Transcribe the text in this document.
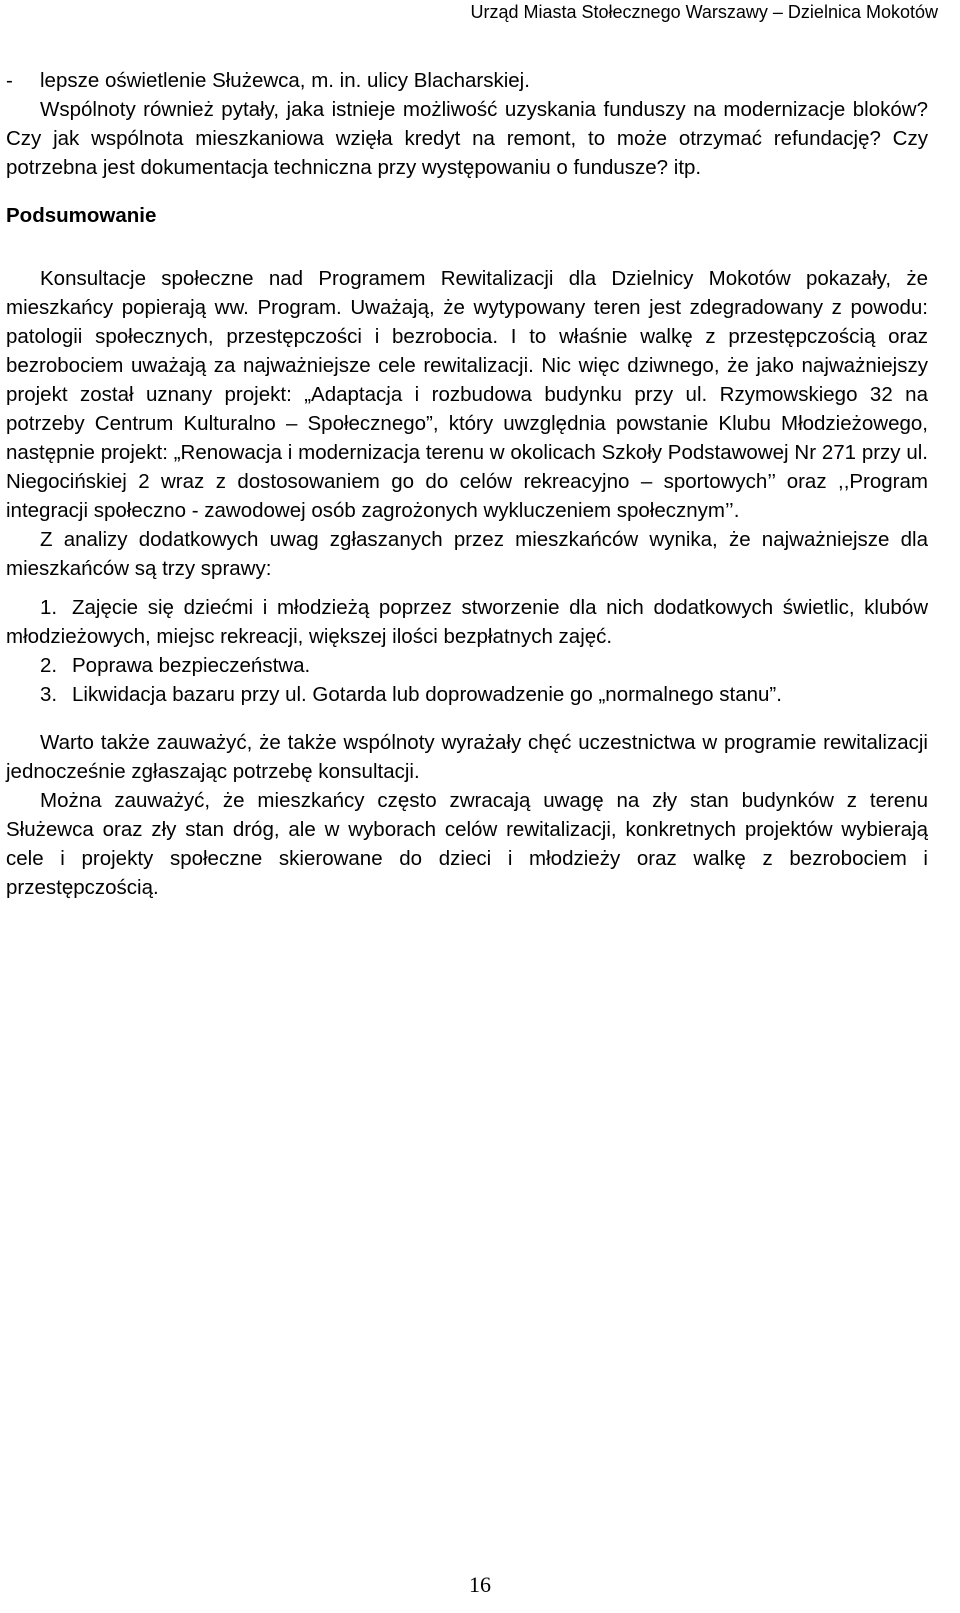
Urząd Miasta Stołecznego Warszawy – Dzielnica Mokotów
-	lepsze oświetlenie Służewca, m. in. ulicy Blacharskiej.

Wspólnoty również pytały, jaka istnieje możliwość uzyskania funduszy na modernizacje bloków? Czy jak wspólnota mieszkaniowa wzięła kredyt na remont, to może otrzymać refundację? Czy potrzebna jest dokumentacja techniczna przy występowaniu o fundusze? itp.

Podsumowanie

Konsultacje społeczne nad Programem Rewitalizacji dla Dzielnicy Mokotów pokazały, że mieszkańcy popierają ww. Program. Uważają, że wytypowany teren jest zdegradowany z powodu: patologii społecznych, przestępczości i bezrobocia. I to właśnie walkę z przestępczością oraz bezrobociem uważają za najważniejsze cele rewitalizacji. Nic więc dziwnego, że jako najważniejszy projekt został uznany projekt: „Adaptacja i rozbudowa budynku przy ul. Rzymowskiego 32 na potrzeby Centrum Kulturalno – Społecznego”, który uwzględnia powstanie Klubu Młodzieżowego, następnie projekt: „Renowacja i modernizacja terenu w okolicach Szkoły Podstawowej Nr 271 przy ul. Niegocińskiej 2 wraz z dostosowaniem go do celów rekreacyjno – sportowych’’ oraz ,,Program integracji społeczno - zawodowej osób zagrożonych wykluczeniem społecznym’’.

Z analizy dodatkowych uwag zgłaszanych przez mieszkańców wynika, że najważniejsze dla mieszkańców są trzy sprawy:

1. Zajęcie się dziećmi i młodzieżą poprzez stworzenie dla nich dodatkowych świetlic, klubów młodzieżowych, miejsc rekreacji, większej ilości bezpłatnych zajęć.

2. Poprawa bezpieczeństwa.

3. Likwidacja bazaru przy ul. Gotarda lub doprowadzenie go „normalnego stanu”.

Warto także zauważyć, że także wspólnoty wyrażały chęć uczestnictwa w programie rewitalizacji jednocześnie zgłaszając potrzebę konsultacji.

Można zauważyć, że mieszkańcy często zwracają uwagę na zły stan budynków z terenu Służewca oraz zły stan dróg, ale w wyborach celów rewitalizacji, konkretnych projektów wybierają cele i projekty społeczne skierowane do dzieci i młodzieży oraz walkę z bezrobociem i przestępczością.

16
